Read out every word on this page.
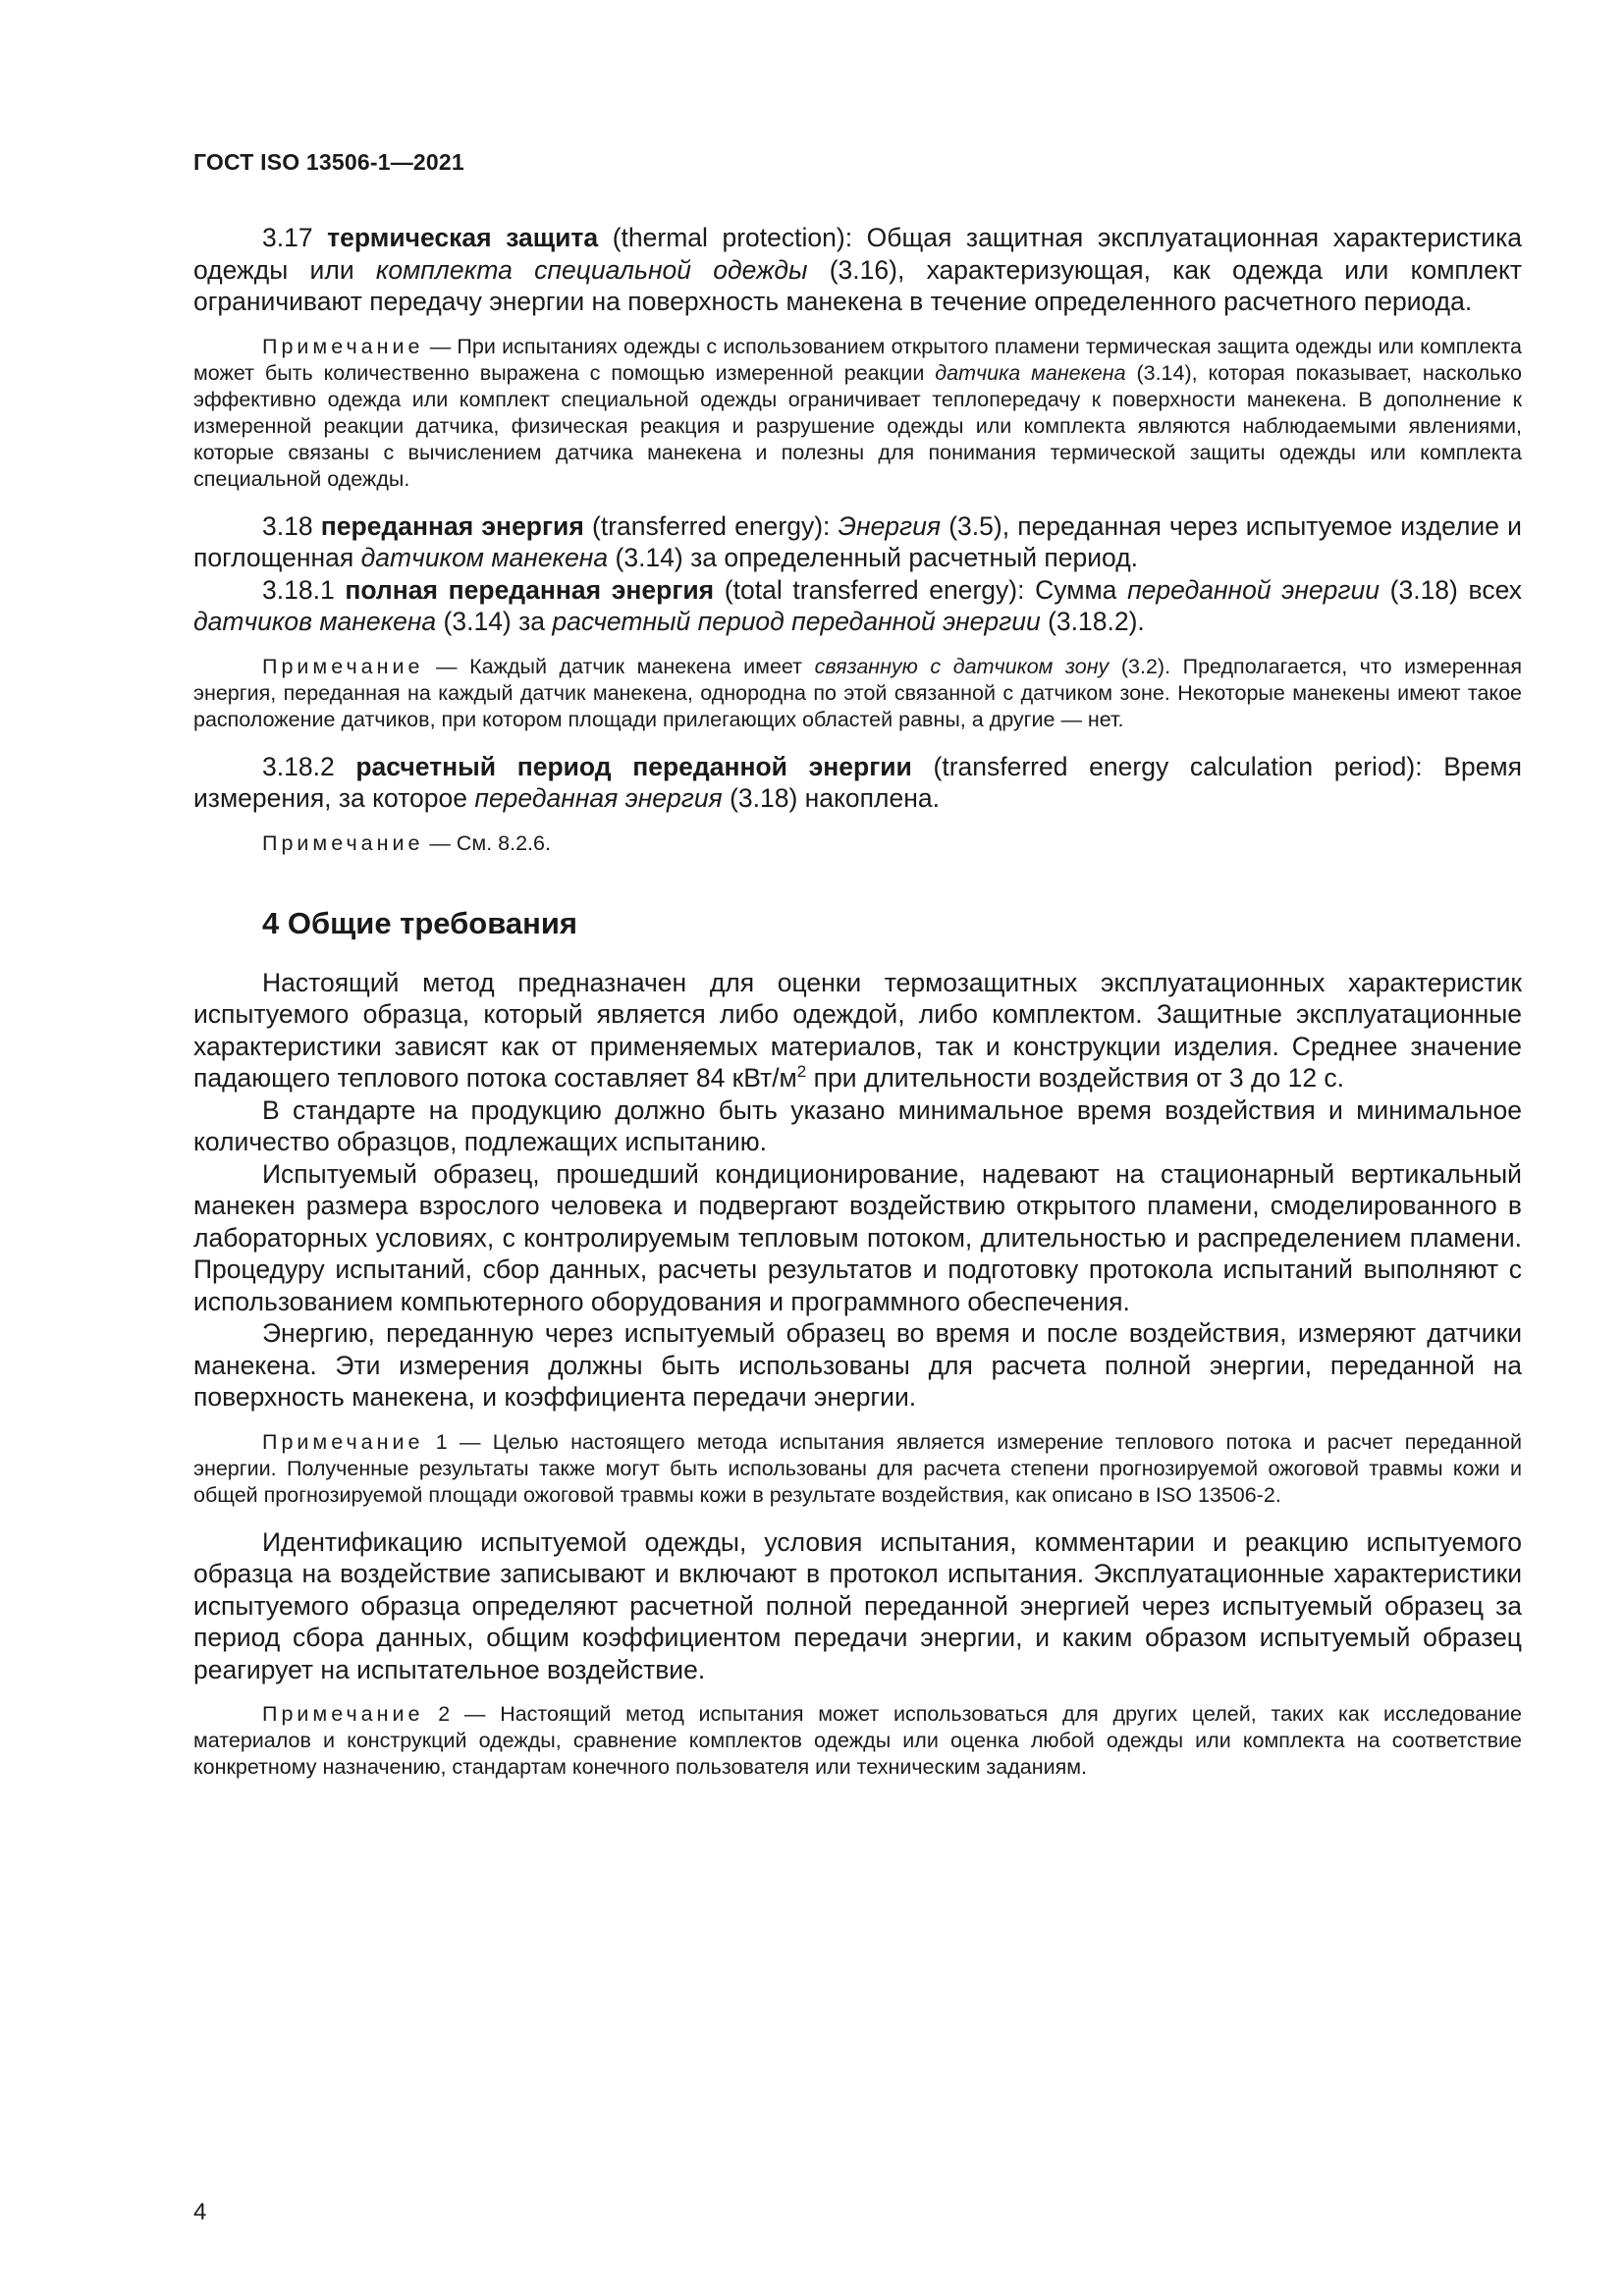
ГОСТ ISO 13506-1—2021

3.17 термическая защита (thermal protection): Общая защитная эксплуатационная характеристика одежды или комплекта специальной одежды (3.16), характеризующая, как одежда или комплект ограничивают передачу энергии на поверхность манекена в течение определенного расчетного периода.

Примечание — При испытаниях одежды с использованием открытого пламени термическая защита одежды или комплекта может быть количественно выражена с помощью измеренной реакции датчика манекена (3.14), которая показывает, насколько эффективно одежда или комплект специальной одежды ограничивает теплопередачу к поверхности манекена. В дополнение к измеренной реакции датчика, физическая реакция и разрушение одежды или комплекта являются наблюдаемыми явлениями, которые связаны с вычислением датчика манекена и полезны для понимания термической защиты одежды или комплекта специальной одежды.

3.18 переданная энергия (transferred energy): Энергия (3.5), переданная через испытуемое изделие и поглощенная датчиком манекена (3.14) за определенный расчетный период.

3.18.1 полная переданная энергия (total transferred energy): Сумма переданной энергии (3.18) всех датчиков манекена (3.14) за расчетный период переданной энергии (3.18.2).

Примечание — Каждый датчик манекена имеет связанную с датчиком зону (3.2). Предполагается, что измеренная энергия, переданная на каждый датчик манекена, однородна по этой связанной с датчиком зоне. Некоторые манекены имеют такое расположение датчиков, при котором площади прилегающих областей равны, а другие — нет.

3.18.2 расчетный период переданной энергии (transferred energy calculation period): Время измерения, за которое переданная энергия (3.18) накоплена.

Примечание — См. 8.2.6.

4 Общие требования

Настоящий метод предназначен для оценки термозащитных эксплуатационных характеристик испытуемого образца, который является либо одеждой, либо комплектом. Защитные эксплуатационные характеристики зависят как от применяемых материалов, так и конструкции изделия. Среднее значение падающего теплового потока составляет 84 кВт/$м^2$ при длительности воздействия от 3 до 12 с.

В стандарте на продукцию должно быть указано минимальное время воздействия и минимальное количество образцов, подлежащих испытанию.

Испытуемый образец, прошедший кондиционирование, надевают на стационарный вертикальный манекен размера взрослого человека и подвергают воздействию открытого пламени, смоделированного в лабораторных условиях, с контролируемым тепловым потоком, длительностью и распределением пламени. Процедуру испытаний, сбор данных, расчеты результатов и подготовку протокола испытаний выполняют с использованием компьютерного оборудования и программного обеспечения.

Энергию, переданную через испытуемый образец во время и после воздействия, измеряют датчики манекена. Эти измерения должны быть использованы для расчета полной энергии, переданной на поверхность манекена, и коэффициента передачи энергии.

Примечание 1 — Целью настоящего метода испытания является измерение теплового потока и расчет переданной энергии. Полученные результаты также могут быть использованы для расчета степени прогнозируемой ожоговой травмы кожи и общей прогнозируемой площади ожоговой травмы кожи в результате воздействия, как описано в ISO 13506-2.

Идентификацию испытуемой одежды, условия испытания, комментарии и реакцию испытуемого образца на воздействие записывают и включают в протокол испытания. Эксплуатационные характеристики испытуемого образца определяют расчетной полной переданной энергией через испытуемый образец за период сбора данных, общим коэффициентом передачи энергии, и каким образом испытуемый образец реагирует на испытательное воздействие.

Примечание 2 — Настоящий метод испытания может использоваться для других целей, таких как исследование материалов и конструкций одежды, сравнение комплектов одежды или оценка любой одежды или комплекта на соответствие конкретному назначению, стандартам конечного пользователя или техническим заданиям.

4
